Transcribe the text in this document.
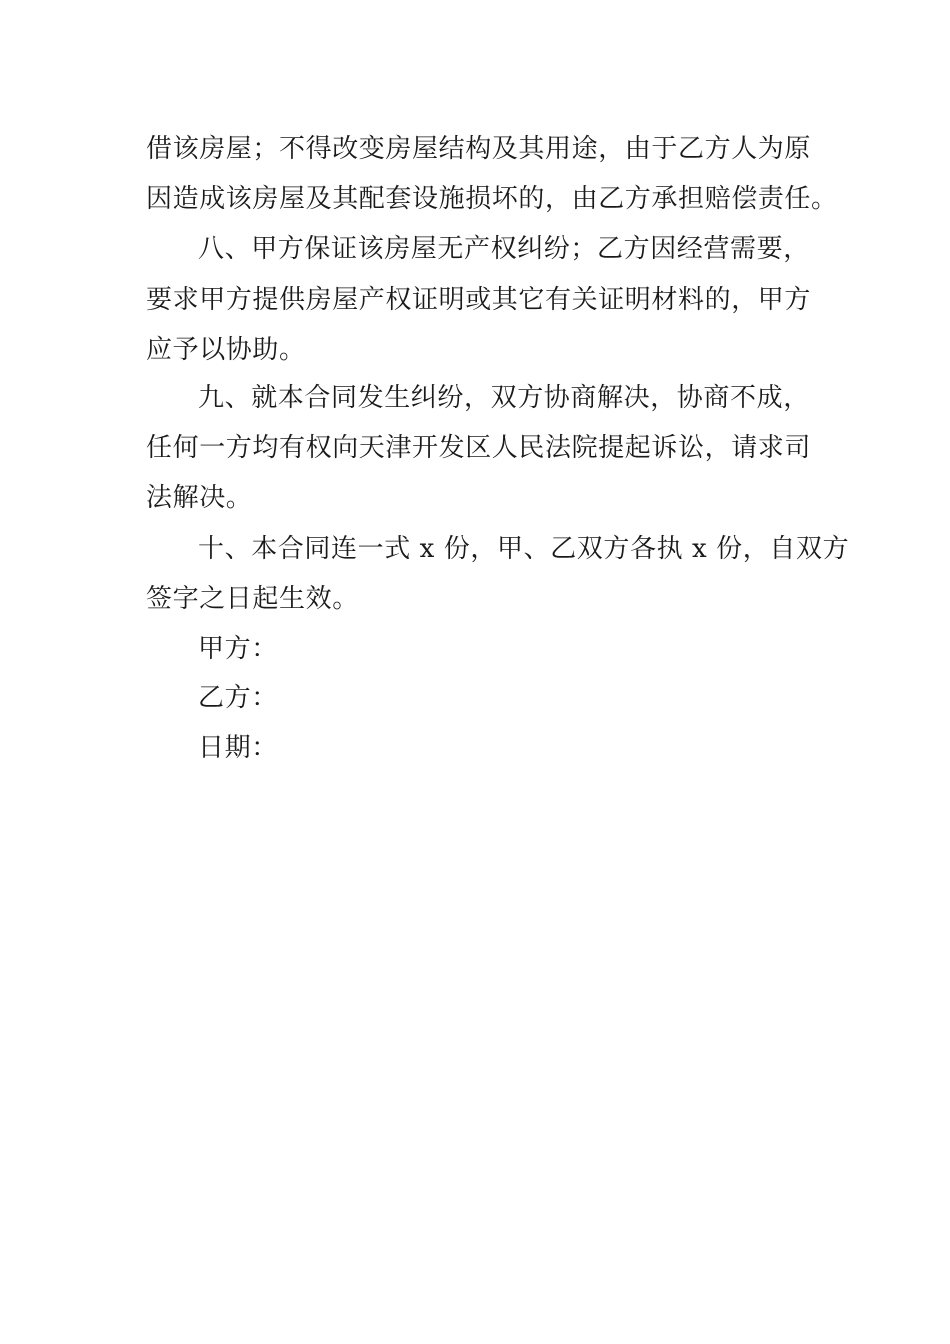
借该房屋；不得改变房屋结构及其用途，由于乙方人为原
因造成该房屋及其配套设施损坏的，由乙方承担赔偿责任。
八、甲方保证该房屋无产权纠纷；乙方因经营需要，
要求甲方提供房屋产权证明或其它有关证明材料的，甲方
应予以协助。
九、就本合同发生纠纷，双方协商解决，协商不成，
任何一方均有权向天津开发区人民法院提起诉讼，请求司
法解决。
十、本合同连一式 x 份，甲、乙双方各执 x 份，自双方
签字之日起生效。
甲方：
乙方：
日期：
